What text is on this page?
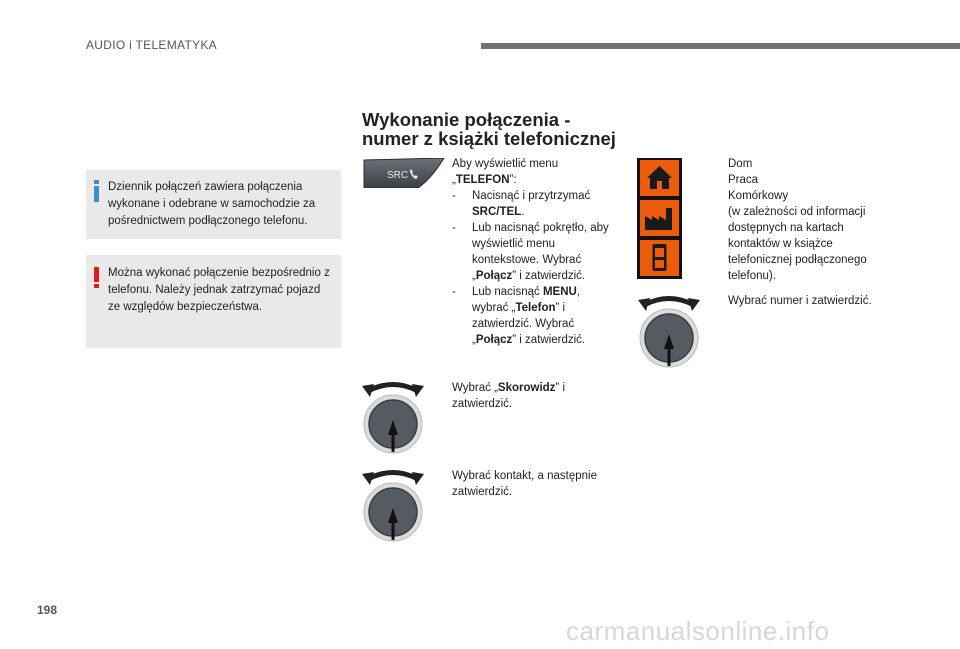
AUDIO i TELEMATYKA
Dziennik połączeń zawiera połączenia wykonane i odebrane w samochodzie za pośrednictwem podłączonego telefonu.
Można wykonać połączenie bezpośrednio z telefonu. Należy jednak zatrzymać pojazd ze względów bezpieczeństwa.
Wykonanie połączenia -
numer z książki telefonicznej
SRC
Aby wyświetlić menu
„TELEFON”:
- Nacisnąć i przytrzymać
SRC/TEL.
- Lub nacisnąć pokrętło, aby wyświetlić menu kontekstowe. Wybrać „Połącz” i zatwierdzić.
- Lub nacisnąć MENU, wybrać „Telefon” i zatwierdzić. Wybrać „Połącz” i zatwierdzić.
Wybrać „Skorowidz” i zatwierdzić.
Wybrać kontakt, a następnie zatwierdzić.
Dom
Praca
Komórkowy
(w zależności od informacji dostępnych na kartach kontaktów w książce telefonicznej podłączonego telefonu).
Wybrać numer i zatwierdzić.
198
carmanualsonline.info
